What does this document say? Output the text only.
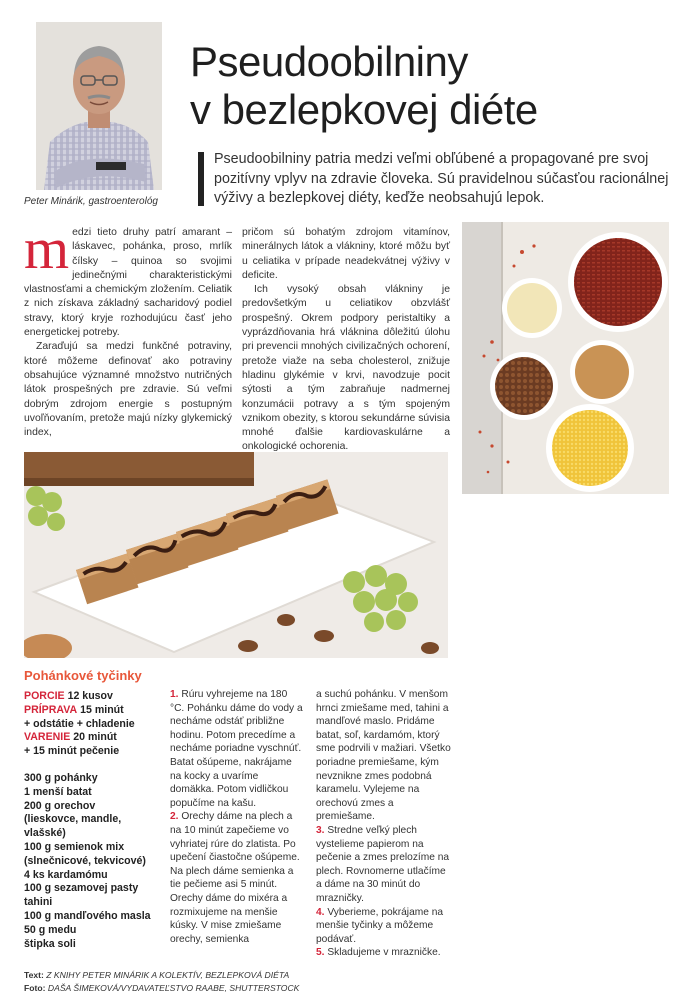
Peter Minárik, gastroenterológ
Pseudoobilniny
v bezlepkovej diéte
Pseudoobilniny patria medzi veľmi obľúbené a propagované pre svoj pozitívny vplyv na zdravie človeka. Sú pravidelnou súčasťou racionálnej výživy a bezlepkovej diéty, keďže neobsahujú lepok.

medzi tieto druhy patrí amarant – láskavec, pohánka, proso, mrlík čílsky – quinoa so svojimi jedinečnými charakteristickými vlastnosťami a chemickým zložením. Celiatik z nich získava základný sacharidový podiel stravy, ktorý kryje rozhodujúcu časť jeho energetickej potreby.

Zaraďujú sa medzi funkčné potraviny, ktoré môžeme definovať ako potraviny obsahujúce významné množstvo nutričných látok prospešných pre zdravie. Sú veľmi dobrým zdrojom energie s postupným uvoľňovaním, pretože majú nízky glykemický index,

pričom sú bohatým zdrojom vitamínov, minerálnych látok a vlákniny, ktoré môžu byť u celiatika v prípade neadekvátnej výživy v deficite.

Ich vysoký obsah vlákniny je predovšetkým u celiatikov obzvlášť prospešný. Okrem podpory peristaltiky a vyprázdňovania hrá vláknina dôležitú úlohu pri prevencii mnohých civilizačných ochorení, pretože viaže na seba cholesterol, znižuje hladinu glykémie v krvi, navodzuje pocit sýtosti a tým zabraňuje nadmernej konzumácii potravy a s tým spojeným vznikom obezity, s ktorou sekundárne súvisia mnohé ďalšie kardiovaskulárne a onkologické ochorenia.

Pohánkové tyčinky
PORCIE 12 kusov
PRÍPRAVA 15 minút
+ odstátie + chladenie
VARENIE 20 minút
+ 15 minút pečenie
300 g pohánky
1 menší batat
200 g orechov
(lieskovce, mandle,
vlašské)
100 g semienok mix
(slnečnicové, tekvicové)
4 ks kardamómu
100 g sezamovej pasty
tahini
100 g mandľového masla
50 g medu
štipka soli
1. Rúru vyhrejeme na 180 °C. Pohánku dáme do vody a necháme odstáť približne hodinu. Potom precedíme a necháme poriadne vyschnúť. Batat ošúpeme, nakrájame na kocky a uvaríme domäkka. Potom vidličkou popučíme na kašu.
2. Orechy dáme na plech a na 10 minút zapečieme vo vyhriatej rúre do zlatista. Po upečení čiastočne ošúpeme. Na plech dáme semienka a tie pečieme asi 5 minút. Orechy dáme do mixéra a rozmixujeme na menšie kúsky. V mise zmiešame orechy, semienka
a suchú pohánku. V menšom hrnci zmiešame med, tahini a mandľové maslo. Pridáme batat, soľ, kardamóm, ktorý sme podrvili v mažiari. Všetko poriadne premiešame, kým nevznikne zmes podobná karamelu. Vylejeme na orechovú zmes a premiešame.
3. Stredne veľký plech vystelieme papierom na pečenie a zmes prelozíme na plech. Rovnomerne utlačíme a dáme na 30 minút do mrazničky.
4. Vyberieme, pokrájame na menšie tyčinky a môžeme podávať.
5. Skladujeme v mrazničke.
Text: Z KNIHY PETER MINÁRIK A KOLEKTÍV, BEZLEPKOVÁ DIÉTA
Foto: DAŠA ŠIMEKOVÁ/VYDAVATEĽSTVO RAABE, SHUTTERSTOCK
